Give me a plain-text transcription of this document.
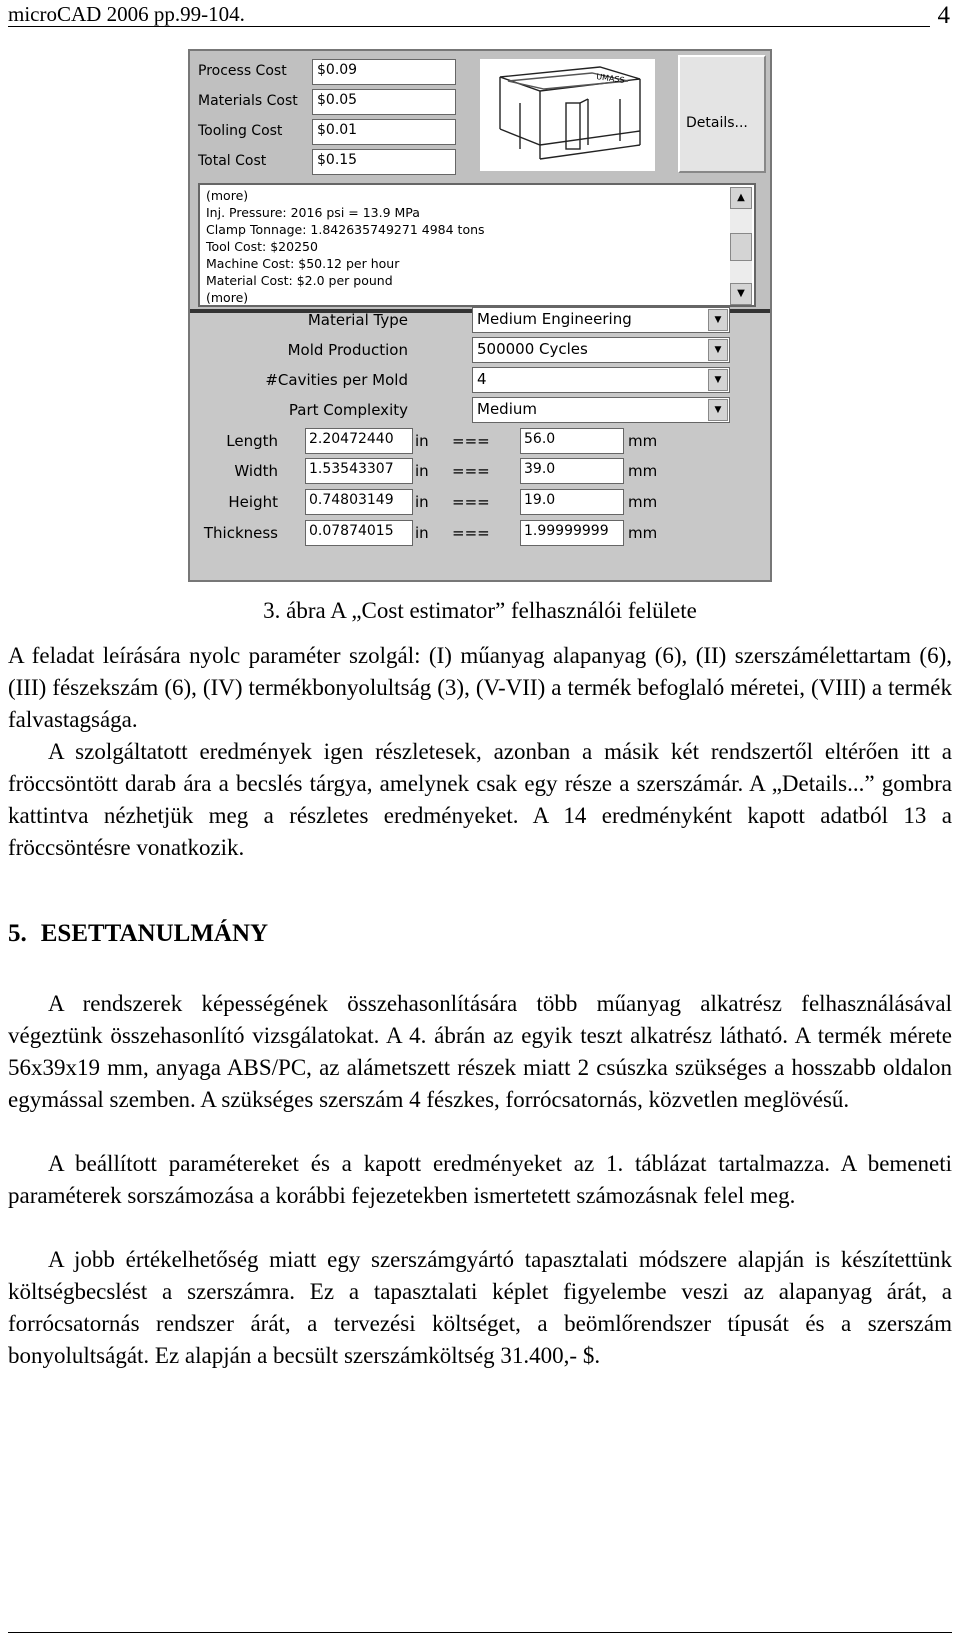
microCAD 2006 pp.99-104.	4
Process Cost	$0.09
Materials Cost	$0.05
Tooling Cost	$0.01
Total Cost	$0.15
UMASS
Details...
(more)
Inj. Pressure: 2016 psi = 13.9 MPa
Clamp Tonnage: 1.842635749271 4984 tons
Tool Cost: $20250
Machine Cost: $50.12 per hour
Material Cost: $2.0 per pound
(more)
▲
▼
Material Type	Medium Engineering	▼
Mold Production	500000 Cycles	▼
#Cavities per Mold	4	▼
Part Complexity	Medium	▼
Length 2.20472440	in === 56.0	mm
Width 1.53543307	in === 39.0	mm
Height 0.74803149	in === 19.0	mm
Thickness 0.07874015	in === 1.99999999	mm
3. ábra A „Cost estimator” felhasználói felülete

A feladat leírására nyolc paraméter szolgál: (I) műanyag alapanyag (6), (II) szerszámélettartam (6), (III) fészekszám (6), (IV) termékbonyolultság (3), (V-VII) a termék befoglaló méretei, (VIII) a termék falvastagsága.

A szolgáltatott eredmények igen részletesek, azonban a másik két rendszertől eltérően itt a fröccsöntött darab ára a becslés tárgya, amelynek csak egy része a szerszámár. A „Details...” gombra kattintva nézhetjük meg a részletes eredményeket. A 14 eredményként kapott adatból 13 a fröccsöntésre vonatkozik.

5. ESETTANULMÁNY

A rendszerek képességének összehasonlítására több műanyag alkatrész felhasználásával végeztünk összehasonlító vizsgálatokat. A 4. ábrán az egyik teszt alkatrész látható. A termék mérete 56x39x19 mm, anyaga ABS/PC, az alámetszett részek miatt 2 csúszka szükséges a hosszabb oldalon egymással szemben. A szükséges szerszám 4 fészkes, forrócsatornás, közvetlen meglövésű.

A beállított paramétereket és a kapott eredményeket az 1. táblázat tartalmazza. A bemeneti paraméterek sorszámozása a korábbi fejezetekben ismertetett számozásnak felel meg.

A jobb értékelhetőség miatt egy szerszámgyártó tapasztalati módszere alapján is készítettünk költségbecslést a szerszámra. Ez a tapasztalati képlet figyelembe veszi az alapanyag árát, a forrócsatornás rendszer árát, a tervezési költséget, a beömlőrendszer típusát és a szerszám bonyolultságát. Ez alapján a becsült szerszámköltség 31.400,- $.
